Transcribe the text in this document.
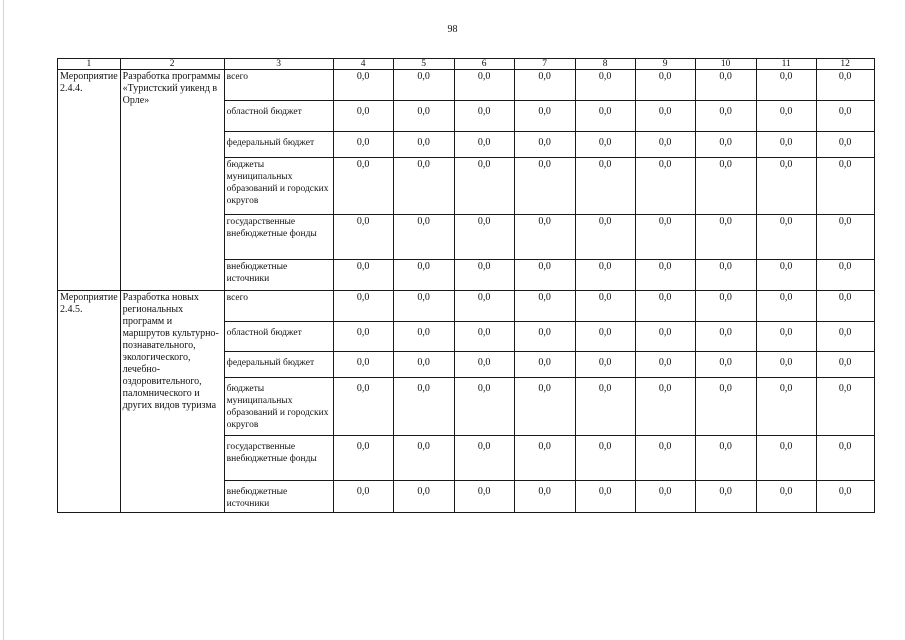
98
1	2	3	4	5	6	7	8	9	10	11	12
Мероприятие 2.4.4.	Разработка программы «Туристский уикенд в Орле»	всего	0,0	0,0	0,0	0,0	0,0	0,0	0,0	0,0	0,0
		областной бюджет	0,0	0,0	0,0	0,0	0,0	0,0	0,0	0,0	0,0
		федеральный бюджет	0,0	0,0	0,0	0,0	0,0	0,0	0,0	0,0	0,0
		бюджеты муниципальных образований и городских округов	0,0	0,0	0,0	0,0	0,0	0,0	0,0	0,0	0,0
		государственные внебюджетные фонды	0,0	0,0	0,0	0,0	0,0	0,0	0,0	0,0	0,0
		внебюджетные источники	0,0	0,0	0,0	0,0	0,0	0,0	0,0	0,0	0,0
Мероприятие 2.4.5.	Разработка новых региональных программ и маршрутов культурно-познавательного, экологического, лечебно-оздоровительного, паломнического и других видов туризма	всего	0,0	0,0	0,0	0,0	0,0	0,0	0,0	0,0	0,0
		областной бюджет	0,0	0,0	0,0	0,0	0,0	0,0	0,0	0,0	0,0
		федеральный бюджет	0,0	0,0	0,0	0,0	0,0	0,0	0,0	0,0	0,0
		бюджеты муниципальных образований и городских округов	0,0	0,0	0,0	0,0	0,0	0,0	0,0	0,0	0,0
		государственные внебюджетные фонды	0,0	0,0	0,0	0,0	0,0	0,0	0,0	0,0	0,0
		внебюджетные источники	0,0	0,0	0,0	0,0	0,0	0,0	0,0	0,0	0,0
